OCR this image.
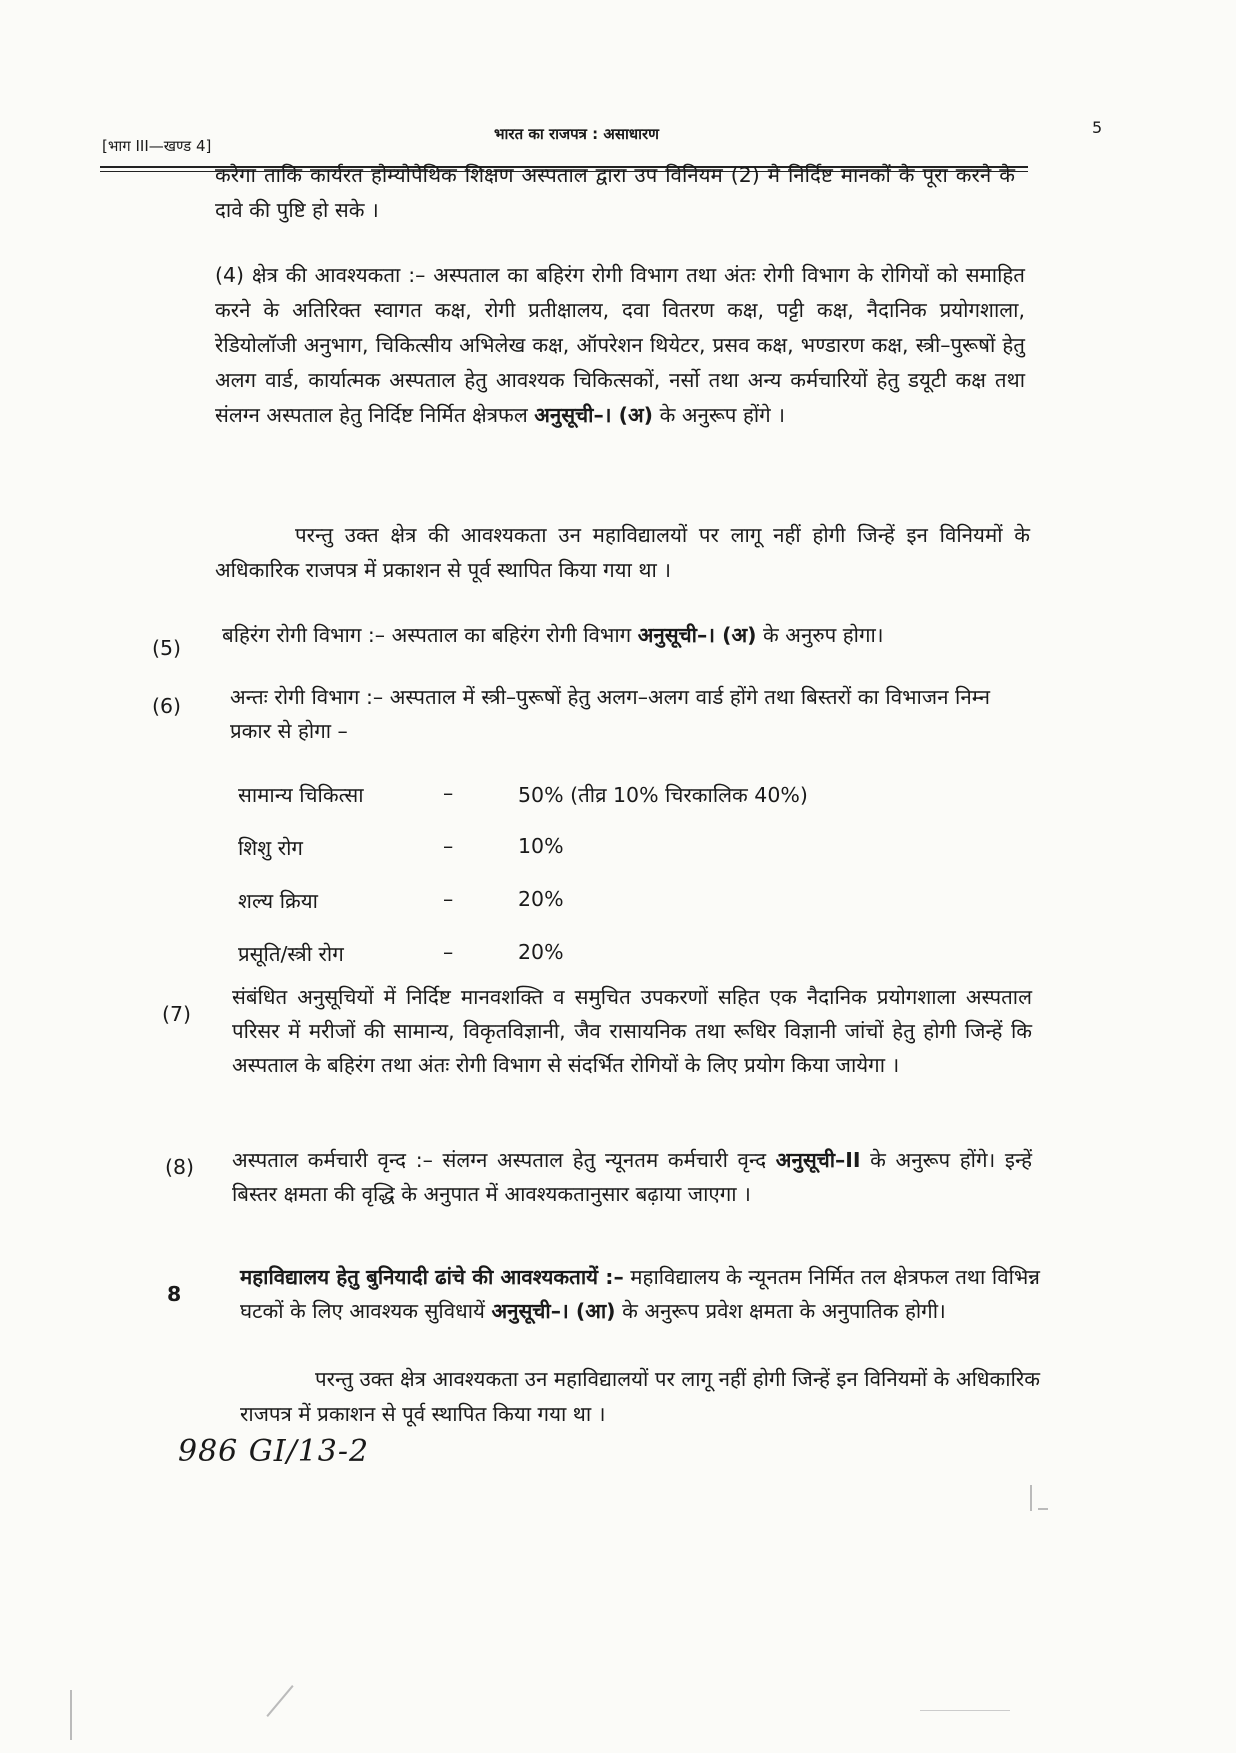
[भाग III—खण्ड 4]
भारत का राजपत्र : असाधारण	5
करेगा ताकि कार्यरत होम्योपैथिक शिक्षण अस्पताल द्वारा उप विनियम (2) मे निर्दिष्ट मानकों के पूरा करने के दावे की पुष्टि हो सके ।
(4) क्षेत्र की आवश्यकता :– अस्पताल का बहिरंग रोगी विभाग तथा अंतः रोगी विभाग के रोगियों को समाहित करने के अतिरिक्त स्वागत कक्ष, रोगी प्रतीक्षालय, दवा वितरण कक्ष, पट्टी कक्ष, नैदानिक प्रयोगशाला, रेडियोलॉजी अनुभाग, चिकित्सीय अभिलेख कक्ष, ऑपरेशन थियेटर, प्रसव कक्ष, भण्डारण कक्ष, स्त्री–पुरूषों हेतु अलग वार्ड, कार्यात्मक अस्पताल हेतु आवश्यक चिकित्सकों, नर्सो तथा अन्य कर्मचारियों हेतु डयूटी कक्ष तथा संलग्न अस्पताल हेतु निर्दिष्ट निर्मित क्षेत्रफल अनुसूची–। (अ) के अनुरूप होंगे ।
परन्तु उक्त क्षेत्र की आवश्यकता उन महाविद्यालयों पर लागू नहीं होगी जिन्हें इन विनियमों के अधिकारिक राजपत्र में प्रकाशन से पूर्व स्थापित किया गया था ।
(5)
बहिरंग रोगी विभाग :– अस्पताल का बहिरंग रोगी विभाग अनुसूची–। (अ) के अनुरुप होगा।
(6) अन्तः रोगी विभाग :– अस्पताल में स्त्री–पुरूषों हेतु अलग–अलग वार्ड होंगे तथा बिस्तरों का विभाजन निम्न प्रकार से होगा –
सामान्य चिकित्सा	–	50% (तीव्र 10% चिरकालिक 40%)
शिशु रोग	–	10%
शल्य क्रिया	–	20%
प्रसूति/स्त्री रोग	–	20%
(7)
संबंधित अनुसूचियों में निर्दिष्ट मानवशक्ति व समुचित उपकरणों सहित एक नैदानिक प्रयोगशाला अस्पताल परिसर में मरीजों की सामान्य, विकृतविज्ञानी, जैव रासायनिक तथा रूधिर विज्ञानी जांचों हेतु होगी जिन्हें कि अस्पताल के बहिरंग तथा अंतः रोगी विभाग से संदर्भित रोगियों के लिए प्रयोग किया जायेगा ।
(8) अस्पताल कर्मचारी वृन्द :– संलग्न अस्पताल हेतु न्यूनतम कर्मचारी वृन्द अनुसूची–II के अनुरूप होंगे। इन्हें बिस्तर क्षमता की वृद्धि के अनुपात में आवश्यकतानुसार बढ़ाया जाएगा ।
8
महाविद्यालय हेतु बुनियादी ढांचे की आवश्यकतायें :– महाविद्यालय के न्यूनतम निर्मित तल क्षेत्रफल तथा विभिन्न घटकों के लिए आवश्यक सुविधायें अनुसूची–। (आ) के अनुरूप प्रवेश क्षमता के अनुपातिक होगी।
परन्तु उक्त क्षेत्र आवश्यकता उन महाविद्यालयों पर लागू नहीं होगी जिन्हें इन विनियमों के अधिकारिक राजपत्र में प्रकाशन से पूर्व स्थापित किया गया था ।
986 GI/13-2
